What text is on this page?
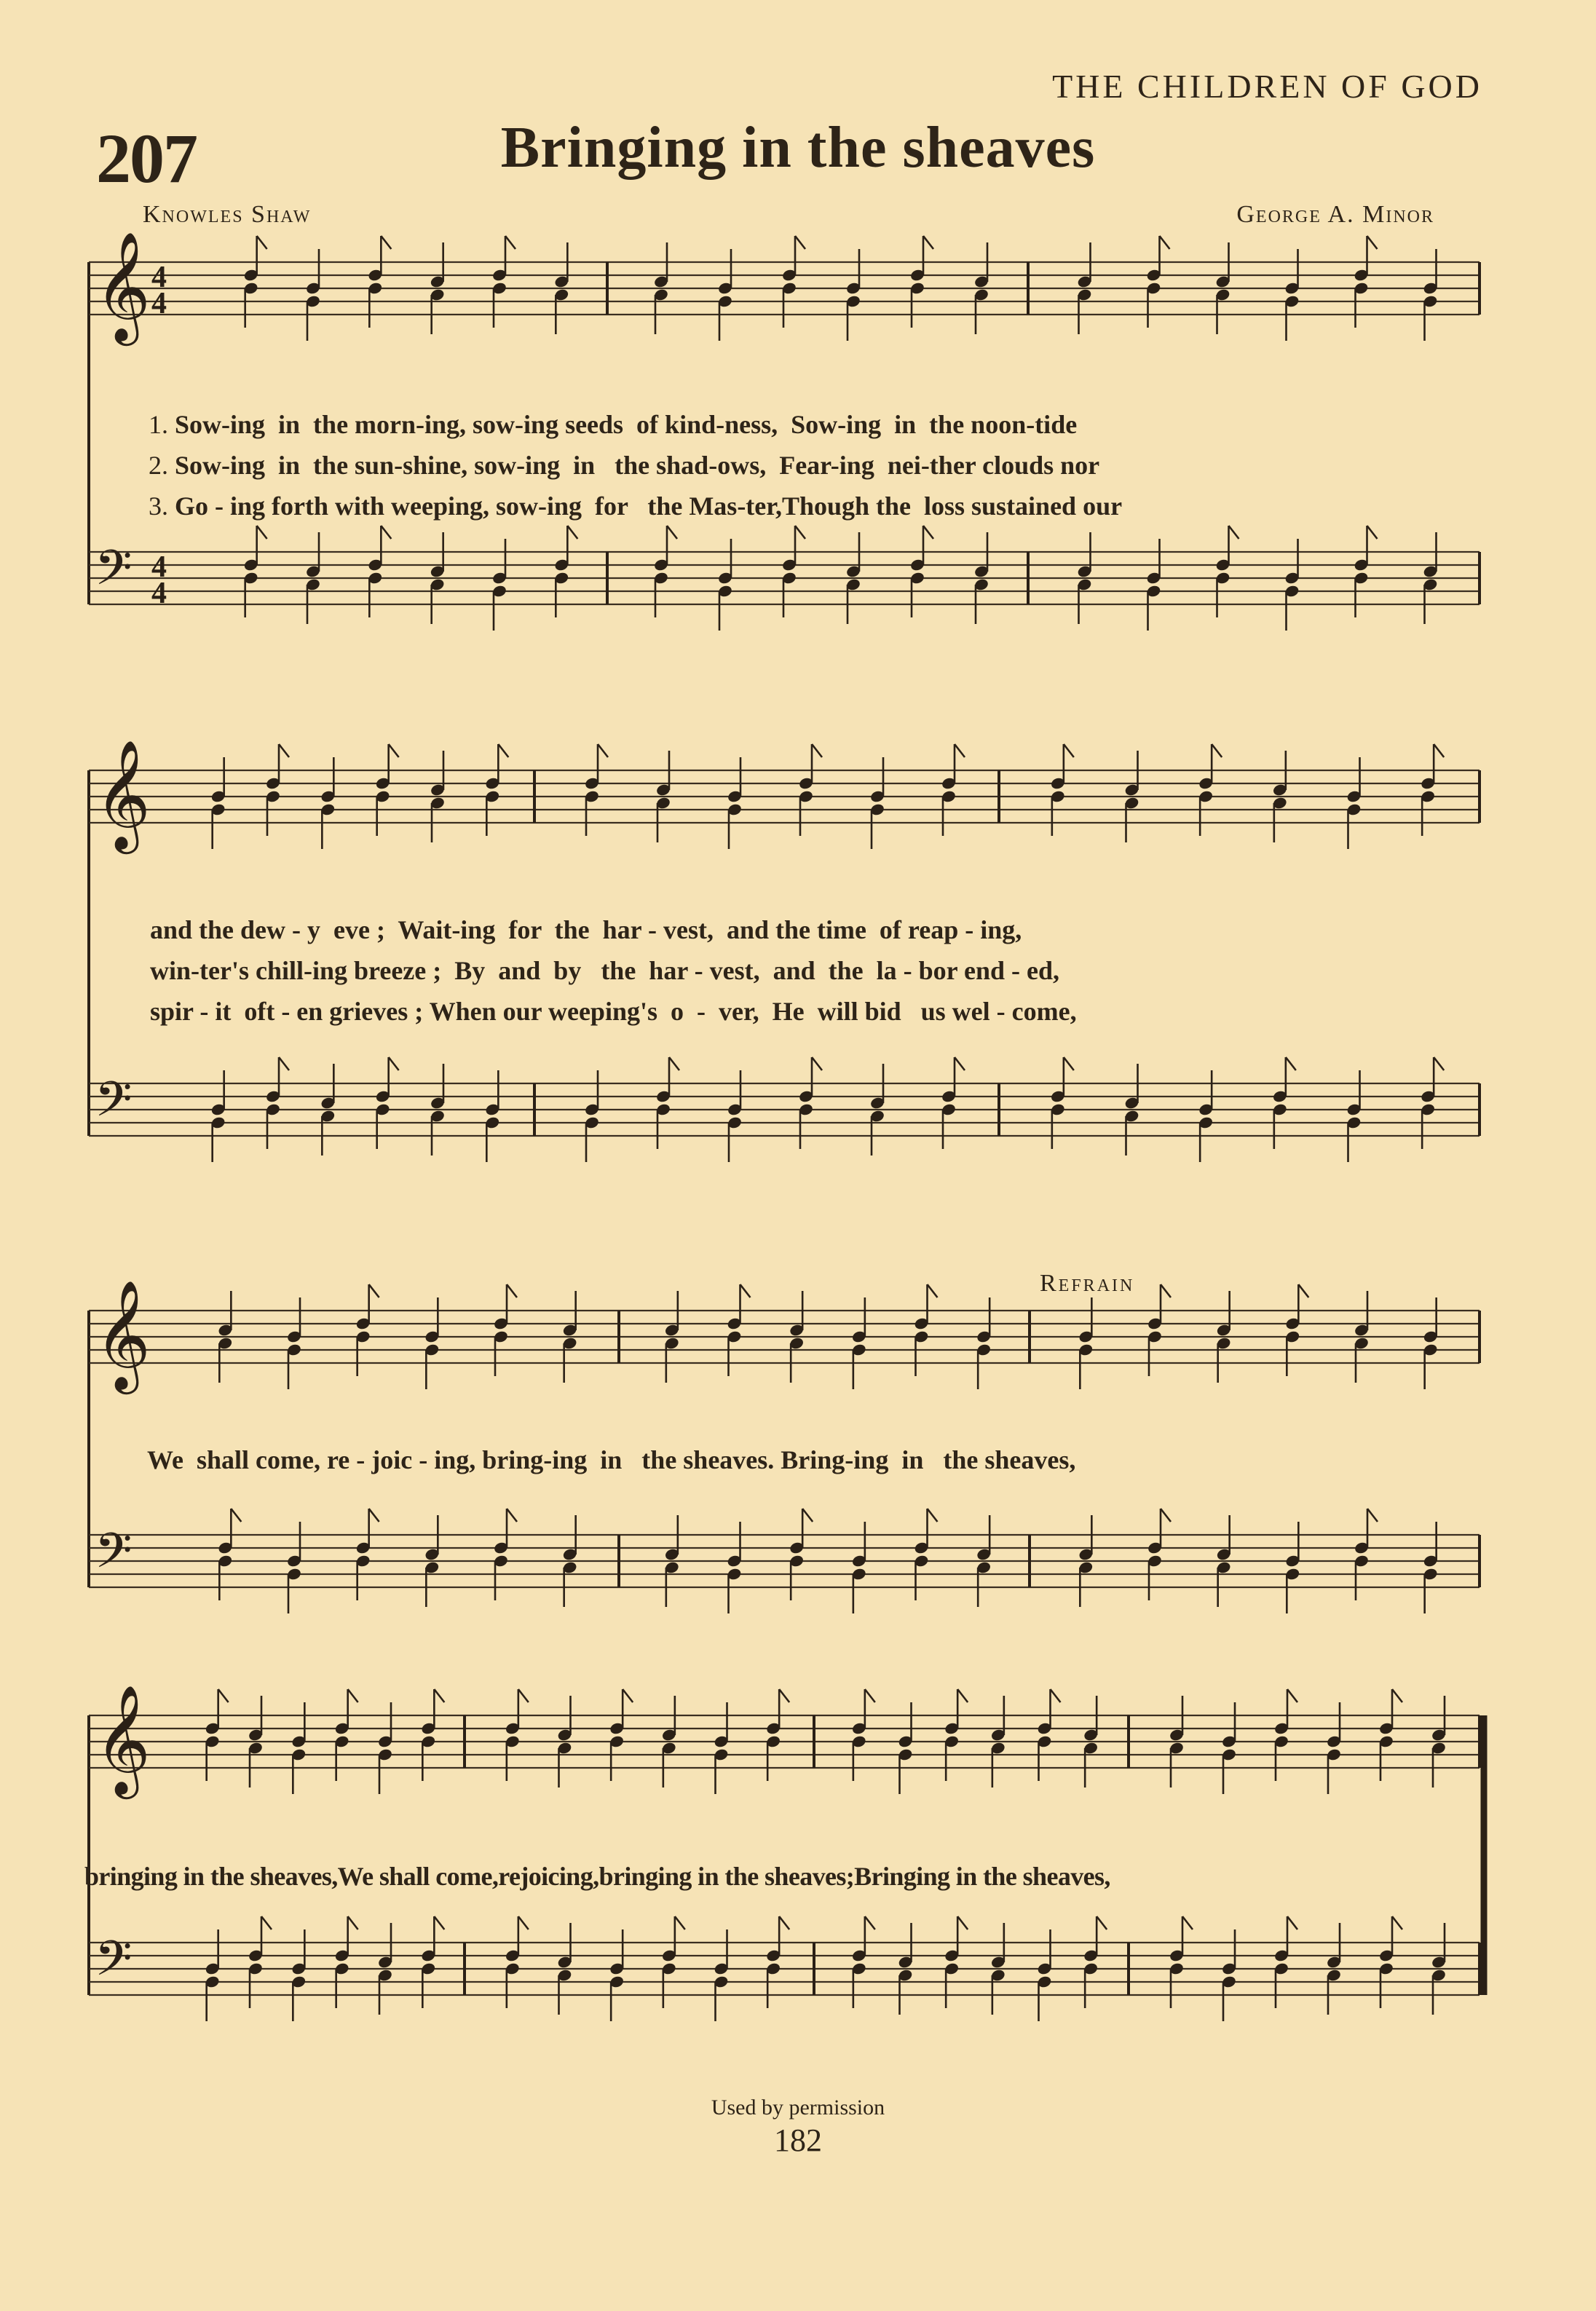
THE CHILDREN OF GOD
207	Bringing in the sheaves
Knowles Shaw	George A. Minor
𝄞 4
4
𝄢 4
4
𝄞
𝄢
𝄞
𝄢
𝄞
𝄢

1. Sow-ing  in  the morn-ing, sow-ing seeds  of kind-ness,  Sow-ing  in  the noon-tide

2. Sow-ing  in  the sun-shine, sow-ing  in   the shad-ows,  Fear-ing  nei-ther clouds nor

3. Go - ing forth with weeping, sow-ing  for   the Mas-ter,Though the  loss sustained our

and the dew - y  eve ;  Wait-ing  for  the  har - vest,  and the time  of reap - ing,
win-ter's chill-ing breeze ;  By  and  by   the  har - vest,  and  the  la - bor end - ed,
spir - it  oft - en grieves ; When our weeping's  o  -  ver,  He  will bid   us wel - come,
Refrain
We  shall come, re - joic - ing, bring-ing  in   the sheaves. Bring-ing  in   the sheaves,
bringing in the sheaves,We shall come,rejoicing,bringing in the sheaves;Bringing in the sheaves,
Used by permission
182
